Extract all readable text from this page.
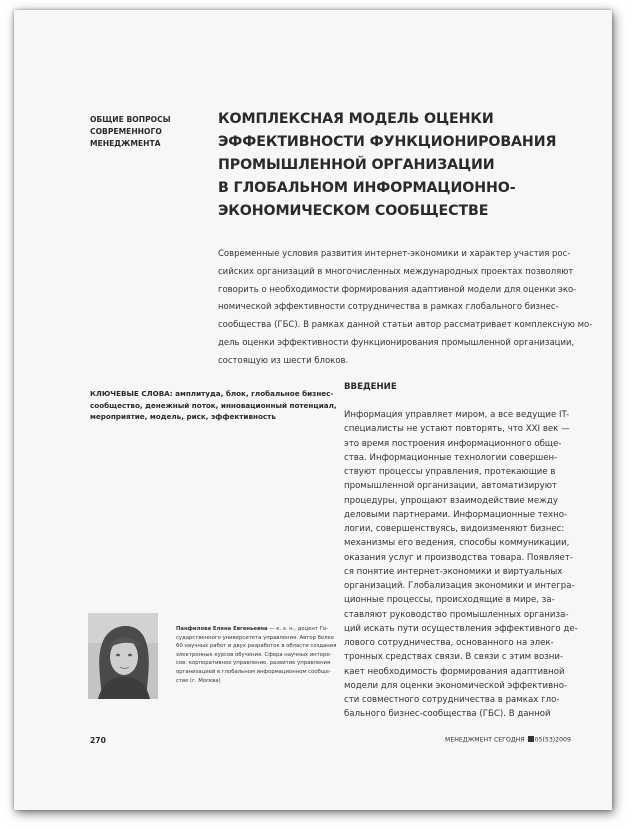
ОБЩИЕ ВОПРОСЫ
СОВРЕМЕННОГО
МЕНЕДЖМЕНТА
КОМПЛЕКСНАЯ МОДЕЛЬ ОЦЕНКИ
ЭФФЕКТИВНОСТИ ФУНКЦИОНИРОВАНИЯ
ПРОМЫШЛЕННОЙ ОРГАНИЗАЦИИ
В ГЛОБАЛЬНОМ ИНФОРМАЦИОННО-
ЭКОНОМИЧЕСКОМ СООБЩЕСТВЕ
Современные условия развития интернет-экономики и характер участия рос-
сийских организаций в многочисленных международных проектах позволяют
говорить о необходимости формирования адаптивной модели для оценки эко-
номической эффективности сотрудничества в рамках глобального бизнес-
сообщества (ГБС). В рамках данной статьи автор рассматривает комплексную мо-
дель оценки эффективности функционирования промышленной организации,
состоящую из шести блоков.
КЛЮЧЕВЫЕ СЛОВА: амплитуда, блок, глобальное бизнес-
сообщество, денежный поток, инновационный потенциал,
мероприятие, модель, риск, эффективность
ВВЕДЕНИЕ
Информация управляет миром, а все ведущие IT-
специалисты не устают повторять, что XXI век —
это время построения информационного обще-
ства. Информационные технологии совершен-
ствуют процессы управления, протекающие в
промышленной организации, автоматизируют
процедуры, упрощают взаимодействие между
деловыми партнерами. Информационные техно-
логии, совершенствуясь, видоизменяют бизнес:
механизмы его ведения, способы коммуникации,
оказания услуг и производства товара. Появляет-
ся понятие интернет-экономики и виртуальных
организаций. Глобализация экономики и интегра-
ционные процессы, происходящие в мире, за-
ставляют руководство промышленных организа-
ций искать пути осуществления эффективного де-
лового сотрудничества, основанного на элек-
тронных средствах связи. В связи с этим возни-
кает необходимость формирования адаптивной
модели для оценки экономической эффективно-
сти совместного сотрудничества в рамках гло-
бального бизнес-сообщества (ГБС). В данной
Панфилова Елена Евгеньевна — к. э. н., доцент Го-
сударственного университета управления. Автор более
60 научных работ и двух разработок в области создания
электронных курсов обучения. Сфера научных интере-
сов: корпоративное управление, развитие управления
организацией в глобальном информационном сообще-
стве (г. Москва)
270	МЕНЕДЖМЕНТ СЕГОДНЯ 05(53)2009
